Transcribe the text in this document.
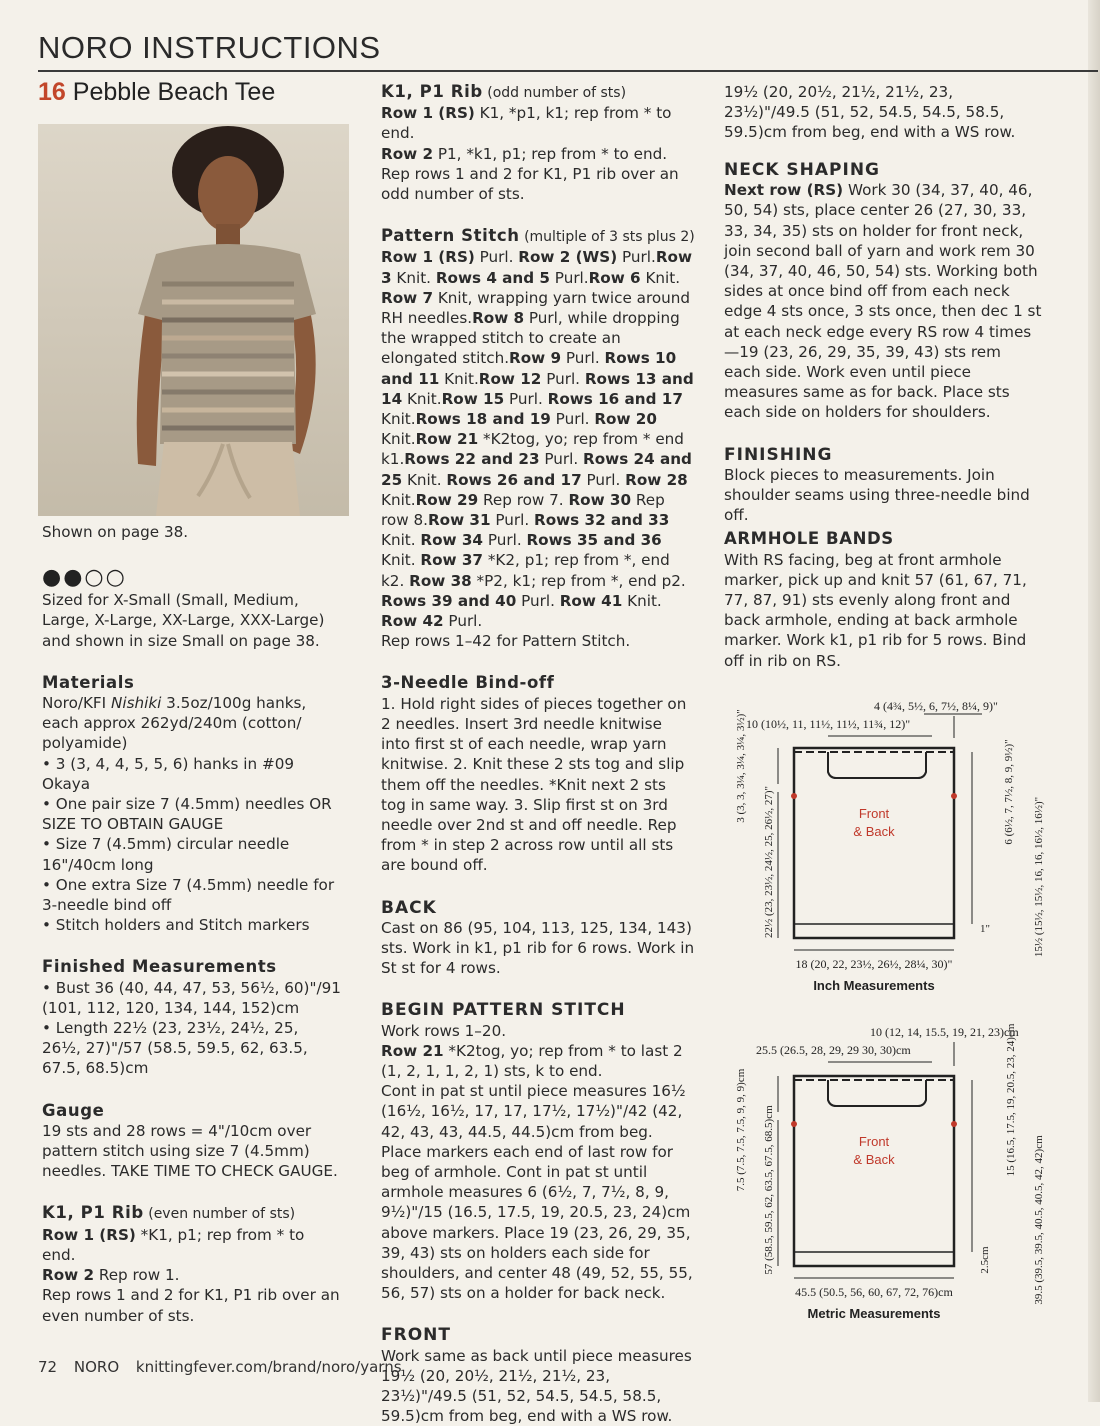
NORO INSTRUCTIONS
16 Pebble Beach Tee

Shown on page 38.

●●○○

Sized for X-Small (Small, Medium, Large, X-Large, XX-Large, XXX-Large) and shown in size Small on page 38.

Materials

Noro/KFI Nishiki 3.5oz/100g hanks, each approx 262yd/240m (cotton/ polyamide)

• 3 (3, 4, 4, 5, 5, 6) hanks in #09 Okaya

• One pair size 7 (4.5mm) needles OR SIZE TO OBTAIN GAUGE

• Size 7 (4.5mm) circular needle 16"/40cm long

• One extra Size 7 (4.5mm) needle for 3-needle bind off

• Stitch holders and Stitch markers

Finished Measurements

• Bust 36 (40, 44, 47, 53, 56½, 60)"/91 (101, 112, 120, 134, 144, 152)cm

• Length 22½ (23, 23½, 24½, 25, 26½, 27)"/57 (58.5, 59.5, 62, 63.5, 67.5, 68.5)cm

Gauge

19 sts and 28 rows = 4"/10cm over pattern stitch using size 7 (4.5mm) needles. TAKE TIME TO CHECK GAUGE.

K1, P1 Rib (even number of sts)

Row 1 (RS) *K1, p1; rep from * to end.

Row 2 Rep row 1.

Rep rows 1 and 2 for K1, P1 rib over an even number of sts.

K1, P1 Rib (odd number of sts)

Row 1 (RS) K1, *p1, k1; rep from * to end.

Row 2 P1, *k1, p1; rep from * to end.

Rep rows 1 and 2 for K1, P1 rib over an odd number of sts.

Pattern Stitch (multiple of 3 sts plus 2)

Row 1 (RS) Purl. Row 2 (WS) Purl.Row 3 Knit. Rows 4 and 5 Purl.Row 6 Knit. Row 7 Knit, wrapping yarn twice around RH needles.Row 8 Purl, while dropping the wrapped stitch to create an elongated stitch.Row 9 Purl. Rows 10 and 11 Knit.Row 12 Purl. Rows 13 and 14 Knit.Row 15 Purl. Rows 16 and 17 Knit.Rows 18 and 19 Purl. Row 20 Knit.Row 21 *K2tog, yo; rep from * end k1.Rows 22 and 23 Purl. Rows 24 and 25 Knit. Rows 26 and 17 Purl. Row 28 Knit.Row 29 Rep row 7. Row 30 Rep row 8.Row 31 Purl. Rows 32 and 33 Knit. Row 34 Purl. Rows 35 and 36 Knit. Row 37 *K2, p1; rep from *, end k2. Row 38 *P2, k1; rep from *, end p2. Rows 39 and 40 Purl. Row 41 Knit. Row 42 Purl.

Rep rows 1–42 for Pattern Stitch.

3-Needle Bind-off

1. Hold right sides of pieces together on 2 needles. Insert 3rd needle knitwise into first st of each needle, wrap yarn knitwise. 2. Knit these 2 sts tog and slip them off the needles. *Knit next 2 sts tog in same way. 3. Slip first st on 3rd needle over 2nd st and off needle. Rep from * in step 2 across row until all sts are bound off.

BACK

Cast on 86 (95, 104, 113, 125, 134, 143) sts. Work in k1, p1 rib for 6 rows. Work in St st for 4 rows.

BEGIN PATTERN STITCH

Work rows 1–20.

Row 21 *K2tog, yo; rep from * to last 2 (1, 2, 1, 1, 2, 1) sts, k to end.

Cont in pat st until piece measures 16½ (16½, 16½, 17, 17, 17½, 17½)"/42 (42, 42, 43, 43, 44.5, 44.5)cm from beg. Place markers each end of last row for beg of armhole. Cont in pat st until armhole measures 6 (6½, 7, 7½, 8, 9, 9½)"/15 (16.5, 17.5, 19, 20.5, 23, 24)cm above markers. Place 19 (23, 26, 29, 35, 39, 43) sts on holders each side for shoulders, and center 48 (49, 52, 55, 55, 56, 57) sts on a holder for back neck.

FRONT

Work same as back until piece measures 19½ (20, 20½, 21½, 21½, 23, 23½)"/49.5 (51, 52, 54.5, 54.5, 58.5, 59.5)cm from beg, end with a WS row.

19½ (20, 20½, 21½, 21½, 23, 23½)"/49.5 (51, 52, 54.5, 54.5, 58.5, 59.5)cm from beg, end with a WS row.

NECK SHAPING

Next row (RS) Work 30 (34, 37, 40, 46, 50, 54) sts, place center 26 (27, 30, 33, 33, 34, 35) sts on holder for front neck, join second ball of yarn and work rem 30 (34, 37, 40, 46, 50, 54) sts. Working both sides at once bind off from each neck edge 4 sts once, 3 sts once, then dec 1 st at each neck edge every RS row 4 times—19 (23, 26, 29, 35, 39, 43) sts rem each side. Work even until piece measures same as for back. Place sts each side on holders for shoulders.

FINISHING

Block pieces to measurements. Join shoulder seams using three-needle bind off.

ARMHOLE BANDS

With RS facing, beg at front armhole marker, pick up and knit 57 (61, 67, 71, 77, 87, 91) sts evenly along front and back armhole, ending at back armhole marker. Work k1, p1 rib for 5 rows. Bind off in rib on RS.

4 (4¾, 5½, 6, 7½, 8¼, 9)"
10 (10½, 11, 11½, 11½, 11¾, 12)"
Front
& Back
3 (3, 3, 3¼, 3¼, 3¼, 3½)"
22½ (23, 23½, 24½, 25, 26½, 27)"	1"
6 (6½, 7, 7½, 8, 9, 9½)"
15½ (15½, 15½, 16, 16, 16½, 16½)"
18 (20, 22, 23½, 26½, 28¼, 30)"
Inch Measurements
10 (12, 14, 15.5, 19, 21, 23)cm
25.5 (26.5, 28, 29, 29 30, 30)cm
Front
& Back
7.5 (7.5, 7.5, 7.5, 9, 9, 9)cm 57 (58.5, 59.5, 62, 63.5, 67.5, 68.5)cm	2.5cm
15 (16.5, 17.5, 19, 20.5, 23, 24)cm
39.5 (39.5, 39.5, 40.5, 40.5, 42, 42)cm
45.5 (50.5, 56, 60, 67, 72, 76)cm
Metric Measurements
72 NORO knittingfever.com/brand/noro/yarns
